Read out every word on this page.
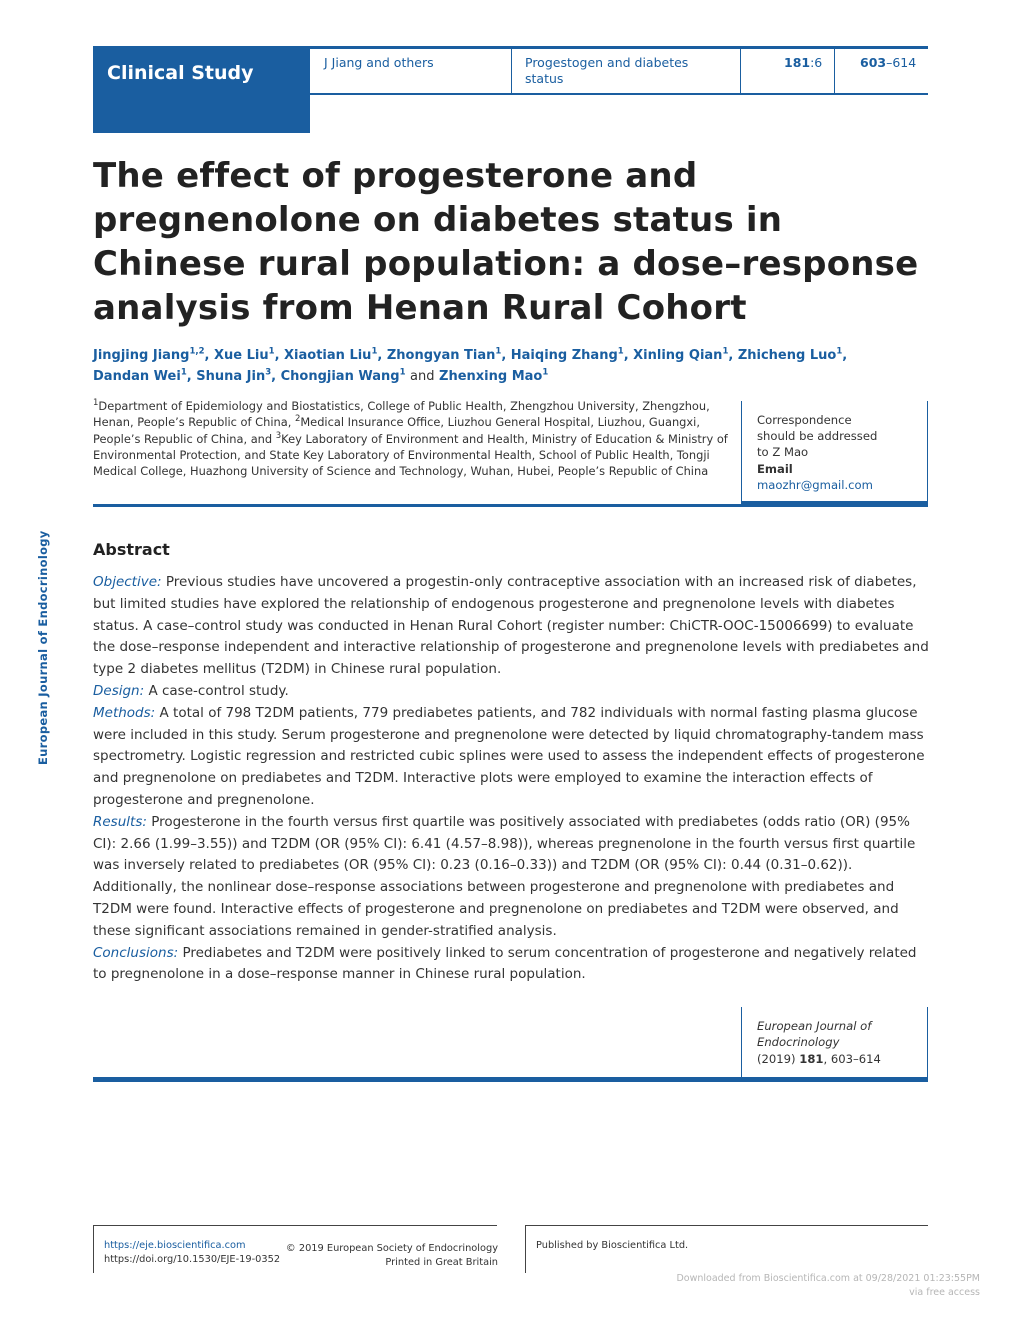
Clinical Study	J Jiang and others	Progestogen and diabetes
status
181:6	603–614
The effect of progesterone and pregnenolone on diabetes status in Chinese rural population: a dose–response analysis from Henan Rural Cohort
Jingjing Jiang$^{1,2}$, Xue Liu$^1$, Xiaotian Liu$^1$, Zhongyan Tian$^1$, Haiqing Zhang$^1$, Xinling Qian$^1$, Zhicheng Luo$^1$,
Dandan Wei$^1$, Shuna Jin$^3$, Chongjian Wang$^1$ and Zhenxing Mao$^1$
$^1$Department of Epidemiology and Biostatistics, College of Public Health, Zhengzhou University, Zhengzhou, Henan, People’s Republic of China, $^2$Medical Insurance Office, Liuzhou General Hospital, Liuzhou, Guangxi, People’s Republic of China, and $^3$Key Laboratory of Environment and Health, Ministry of Education & Ministry of Environmental Protection, and State Key Laboratory of Environmental Health, School of Public Health, Tongji Medical College, Huazhong University of Science and Technology, Wuhan, Hubei, People’s Republic of China
Correspondence
should be addressed
to Z Mao
Email
maozhr@gmail.com
European Journal of Endocrinology	Abstract

Objective: Previous studies have uncovered a progestin-only contraceptive association with an increased risk of diabetes, but limited studies have explored the relationship of endogenous progesterone and pregnenolone levels with diabetes status. A case–control study was conducted in Henan Rural Cohort (register number: ChiCTR-OOC-15006699) to evaluate the dose–response independent and interactive relationship of progesterone and pregnenolone levels with prediabetes and type 2 diabetes mellitus (T2DM) in Chinese rural population.

Design: A case-control study.

Methods: A total of 798 T2DM patients, 779 prediabetes patients, and 782 individuals with normal fasting plasma glucose were included in this study. Serum progesterone and pregnenolone were detected by liquid chromatography-tandem mass spectrometry. Logistic regression and restricted cubic splines were used to assess the independent effects of progesterone and pregnenolone on prediabetes and T2DM. Interactive plots were employed to examine the interaction effects of progesterone and pregnenolone.

Results: Progesterone in the fourth versus first quartile was positively associated with prediabetes (odds ratio (OR) (95% CI): 2.66 (1.99–3.55)) and T2DM (OR (95% CI): 6.41 (4.57–8.98)), whereas pregnenolone in the fourth versus first quartile was inversely related to prediabetes (OR (95% CI): 0.23 (0.16–0.33)) and T2DM (OR (95% CI): 0.44 (0.31–0.62)). Additionally, the nonlinear dose–response associations between progesterone and pregnenolone with prediabetes and T2DM were found. Interactive effects of progesterone and pregnenolone on prediabetes and T2DM were observed, and these significant associations remained in gender-stratified analysis.

Conclusions: Prediabetes and T2DM were positively linked to serum concentration of progesterone and negatively related to pregnenolone in a dose–response manner in Chinese rural population.

European Journal of
Endocrinology
(2019) 181, 603–614
https://eje.bioscientifica.com
https://doi.org/10.1530/EJE-19-0352
© 2019 European Society of Endocrinology
Printed in Great Britain
Published by Bioscientifica Ltd.
Downloaded from Bioscientifica.com at 09/28/2021 01:23:55PM
via free access
